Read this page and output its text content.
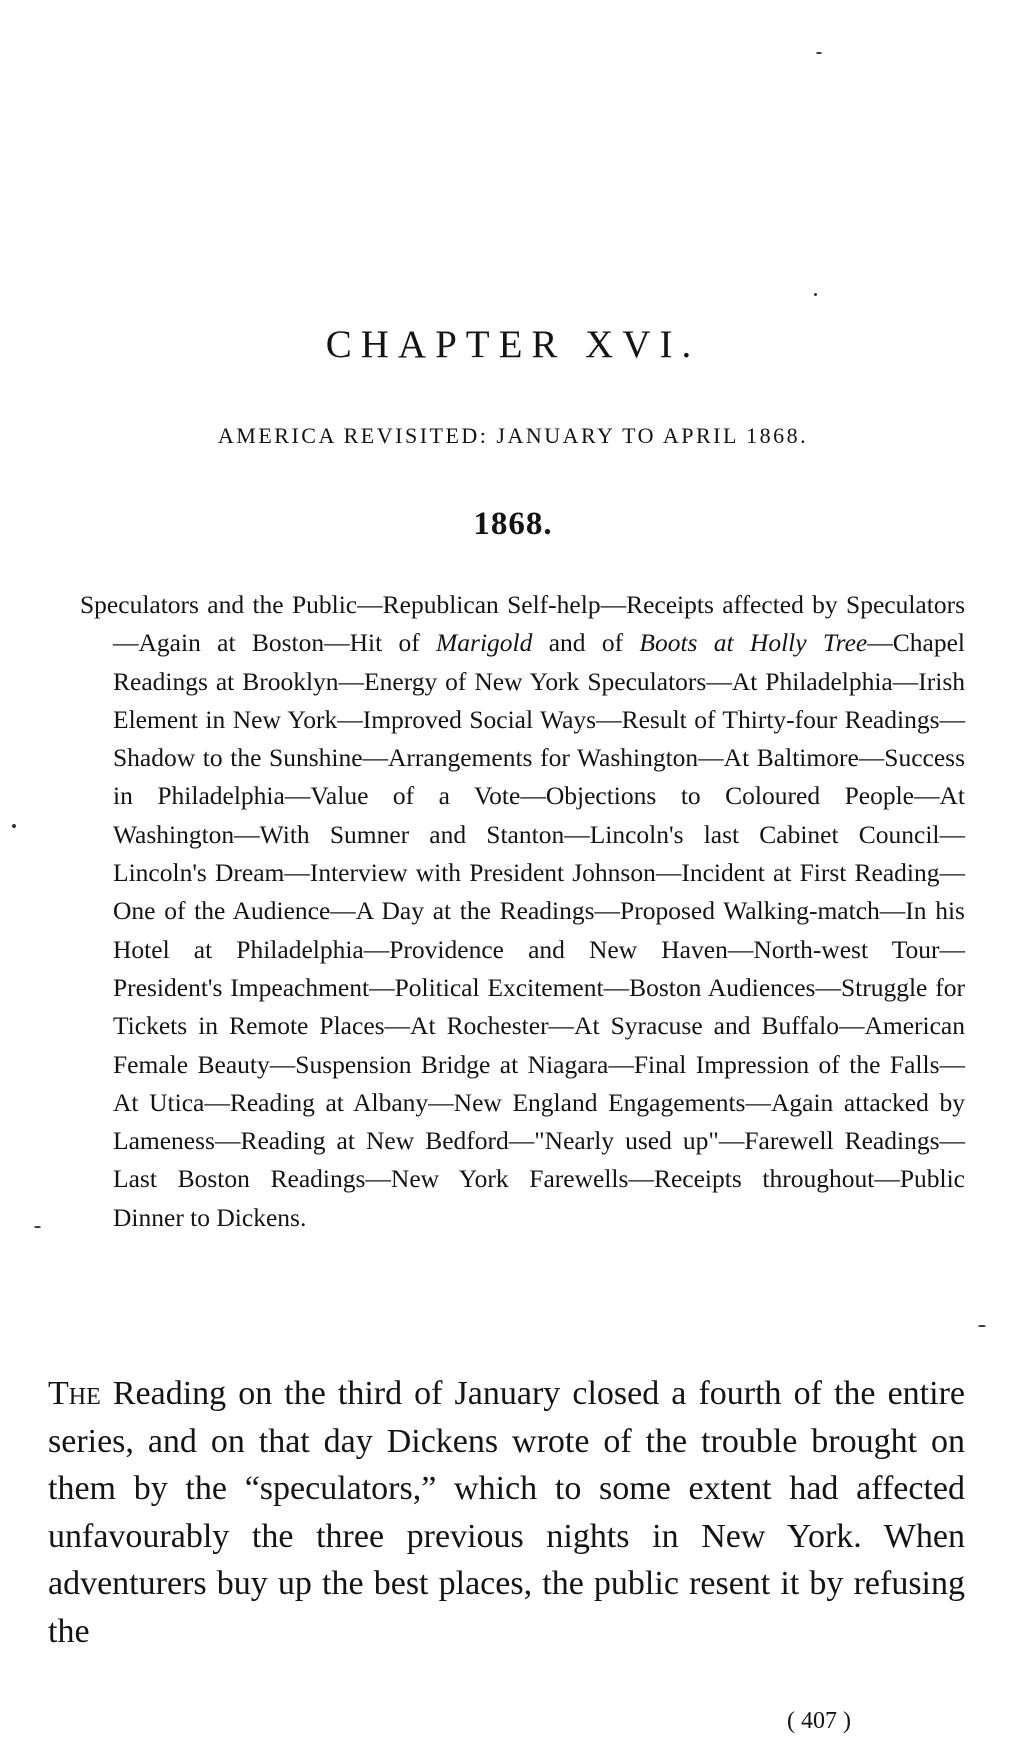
CHAPTER XVI.
AMERICA REVISITED: JANUARY TO APRIL 1868.
1868.

Speculators and the Public—Republican Self-help—Receipts affected by Speculators—Again at Boston—Hit of Marigold and of Boots at Holly Tree—Chapel Readings at Brooklyn—Energy of New York Speculators—At Philadelphia—Irish Element in New York—Improved Social Ways—Result of Thirty-four Readings—Shadow to the Sunshine—Arrangements for Washington—At Baltimore—Success in Philadelphia—Value of a Vote—Objections to Coloured People—At Washington—With Sumner and Stanton—Lincoln's last Cabinet Council—Lincoln's Dream—Interview with President Johnson—Incident at First Reading—One of the Audience—A Day at the Readings—Proposed Walking-match—In his Hotel at Philadelphia—Providence and New Haven—North-west Tour—President's Impeachment—Political Excitement—Boston Audiences—Struggle for Tickets in Remote Places—At Rochester—At Syracuse and Buffalo—American Female Beauty—Suspension Bridge at Niagara—Final Impression of the Falls—At Utica—Reading at Albany—New England Engagements—Again attacked by Lameness—Reading at New Bedford—"Nearly used up"—Farewell Readings—Last Boston Readings—New York Farewells—Receipts throughout—Public Dinner to Dickens.

The Reading on the third of January closed a fourth of the entire series, and on that day Dickens wrote of the trouble brought on them by the “speculators,” which to some extent had affected unfavourably the three previous nights in New York. When adventurers buy up the best places, the public resent it by refusing the

( 407 )
